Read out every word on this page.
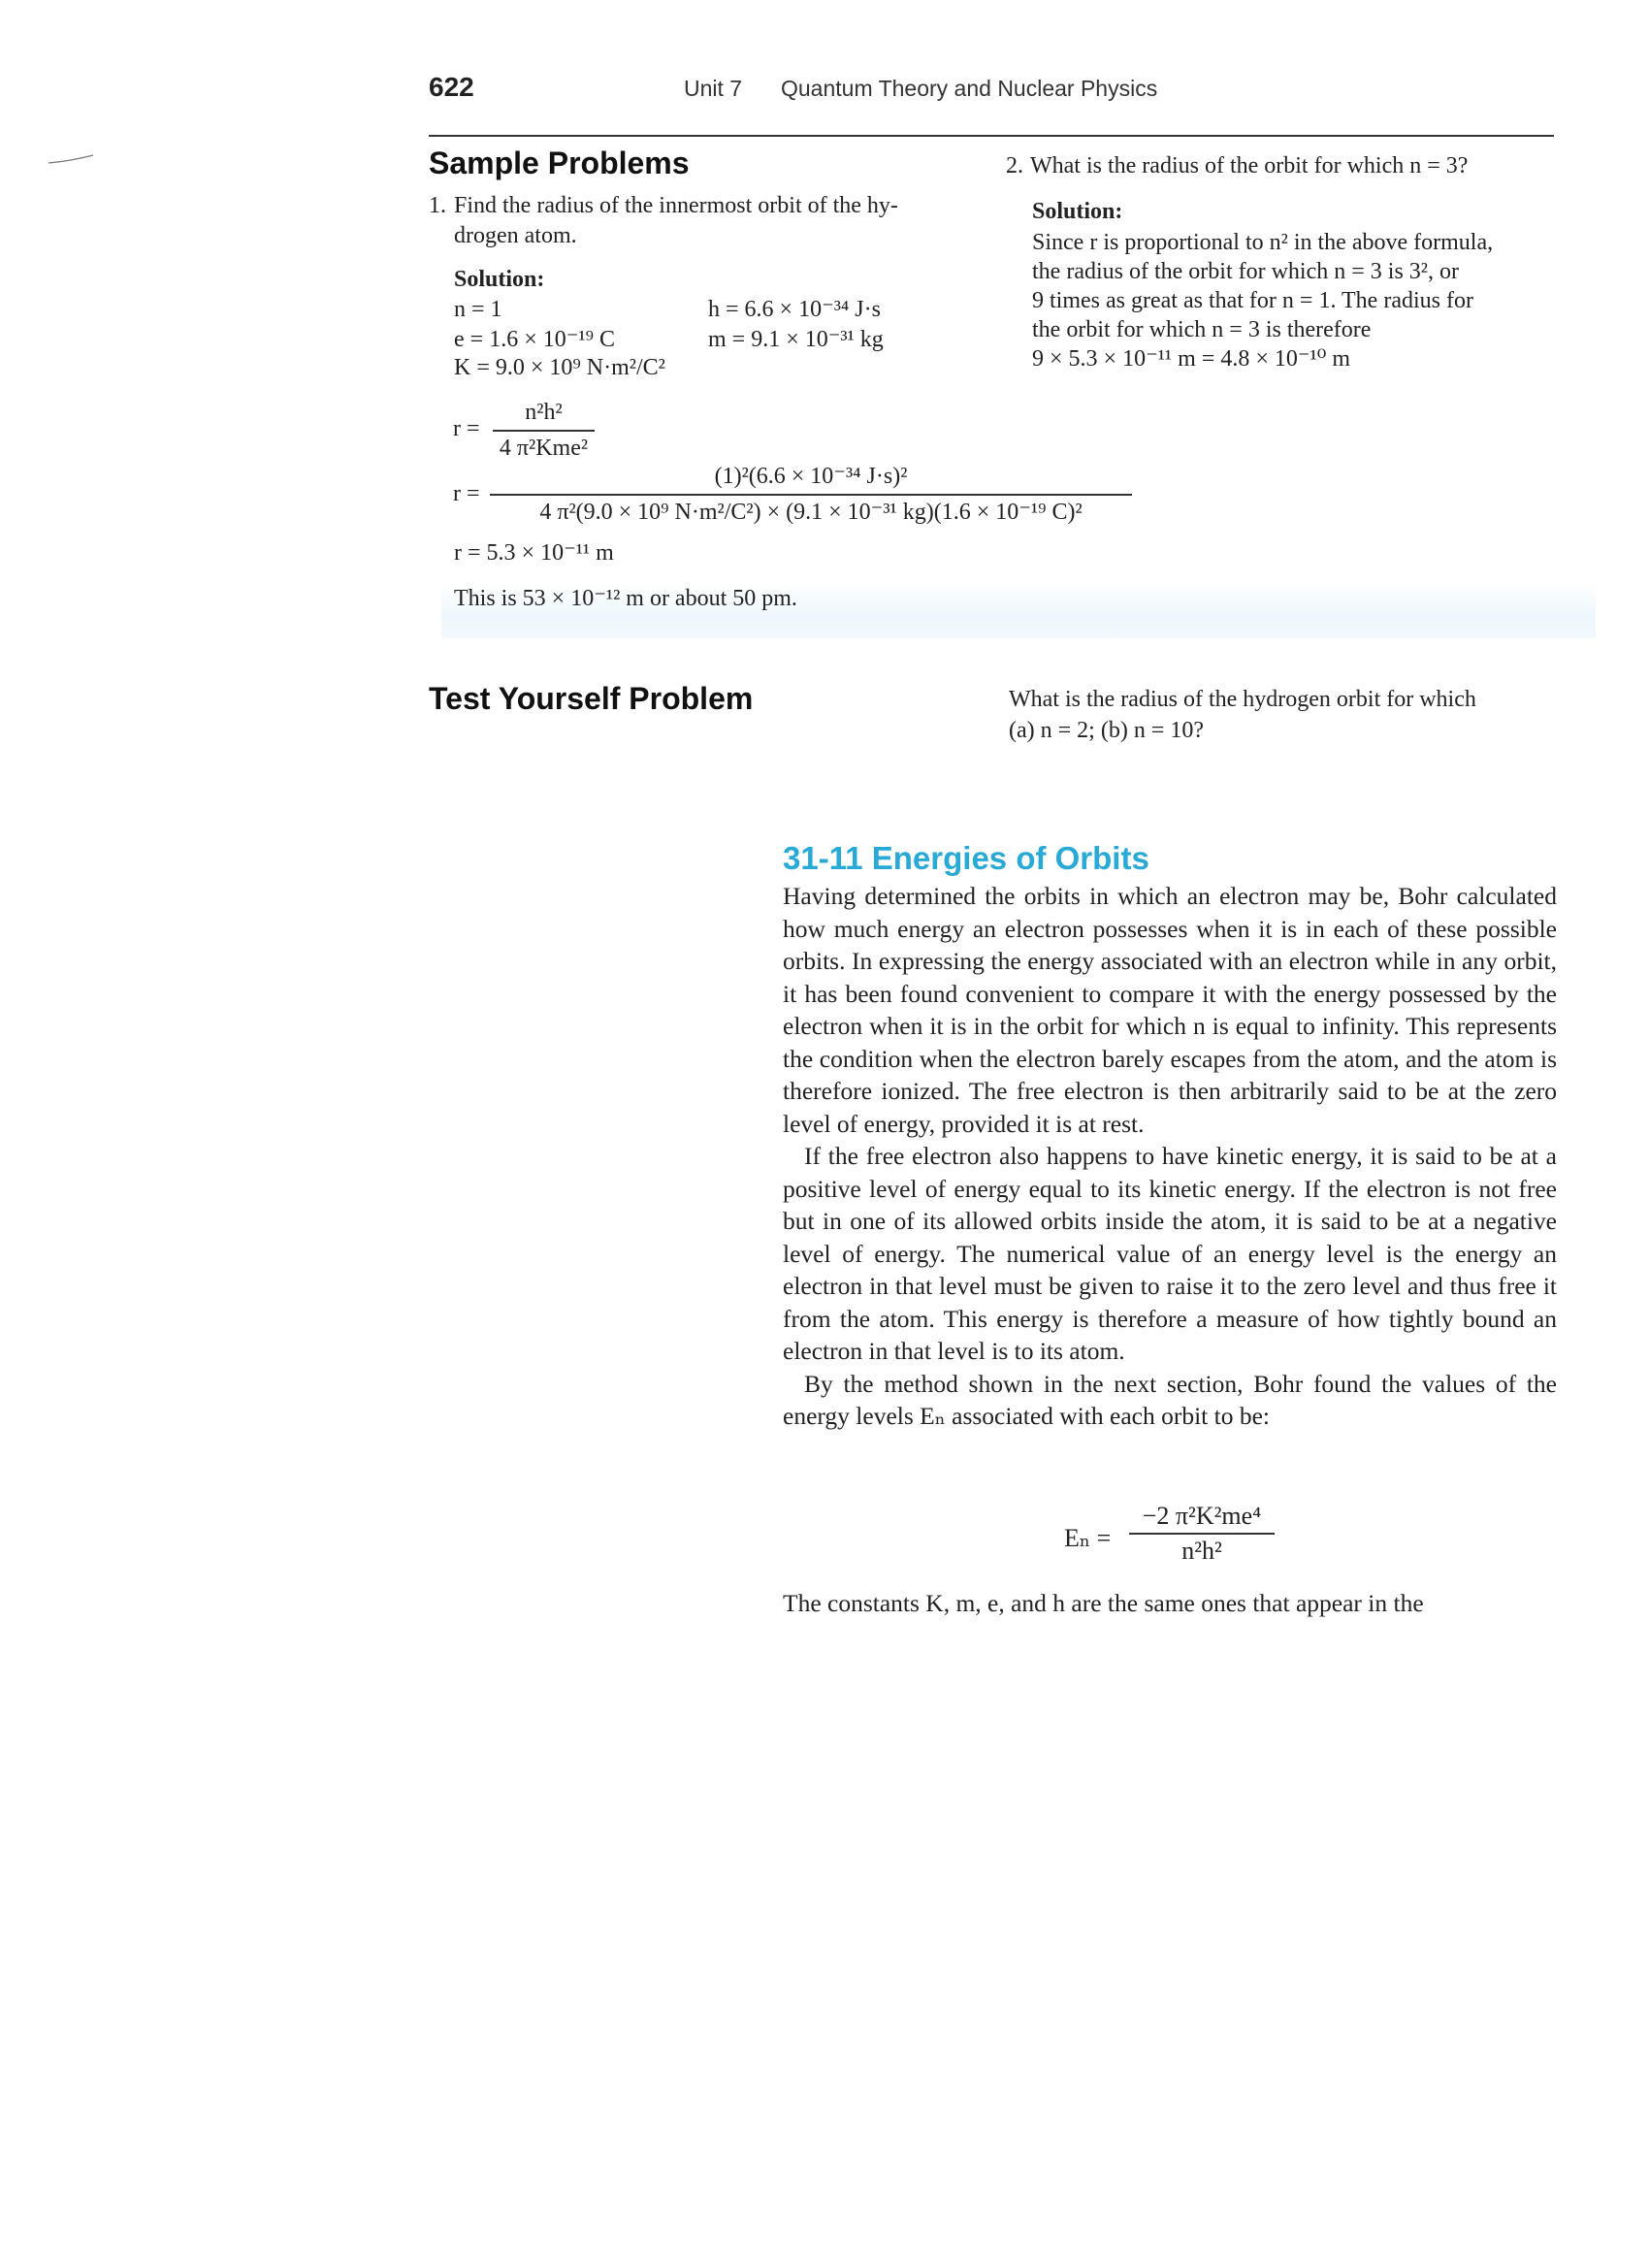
622	Unit 7 Quantum Theory and Nuclear Physics
Sample Problems
1. Find the radius of the innermost orbit of the hy-
drogen atom.
Solution:
n = 1	h = 6.6 × 10⁻³⁴ J·s
e = 1.6 × 10⁻¹⁹ C	m = 9.1 × 10⁻³¹ kg
K = 9.0 × 10⁹ N·m²/C²
r =
n²h²
4 π²Kme²
r =
(1)²(6.6 × 10⁻³⁴ J·s)²
4 π²(9.0 × 10⁹ N·m²/C²) × (9.1 × 10⁻³¹ kg)(1.6 × 10⁻¹⁹ C)²
r = 5.3 × 10⁻¹¹ m
This is 53 × 10⁻¹² m or about 50 pm.
2. What is the radius of the orbit for which n = 3?
Solution:
Since r is proportional to n² in the above formula,
the radius of the orbit for which n = 3 is 3², or
9 times as great as that for n = 1. The radius for
the orbit for which n = 3 is therefore
9 × 5.3 × 10⁻¹¹ m = 4.8 × 10⁻¹⁰ m
Test Yourself Problem	What is the radius of the hydrogen orbit for which
(a) n = 2; (b) n = 10?
31-11 Energies of Orbits

Having determined the orbits in which an electron may be, Bohr calculated how much energy an electron possesses when it is in each of these possible orbits. In expressing the energy associated with an electron while in any orbit, it has been found convenient to compare it with the energy possessed by the electron when it is in the orbit for which n is equal to infinity. This represents the condition when the electron barely escapes from the atom, and the atom is therefore ionized. The free electron is then arbitrarily said to be at the zero level of energy, provided it is at rest.

If the free electron also happens to have kinetic energy, it is said to be at a positive level of energy equal to its kinetic energy. If the electron is not free but in one of its allowed orbits inside the atom, it is said to be at a negative level of energy. The numerical value of an energy level is the energy an electron in that level must be given to raise it to the zero level and thus free it from the atom. This energy is therefore a measure of how tightly bound an electron in that level is to its atom.

By the method shown in the next section, Bohr found the values of the energy levels Eₙ associated with each orbit to be:

Eₙ =
−2 π²K²me⁴
n²h²
The constants K, m, e, and h are the same ones that appear in the
